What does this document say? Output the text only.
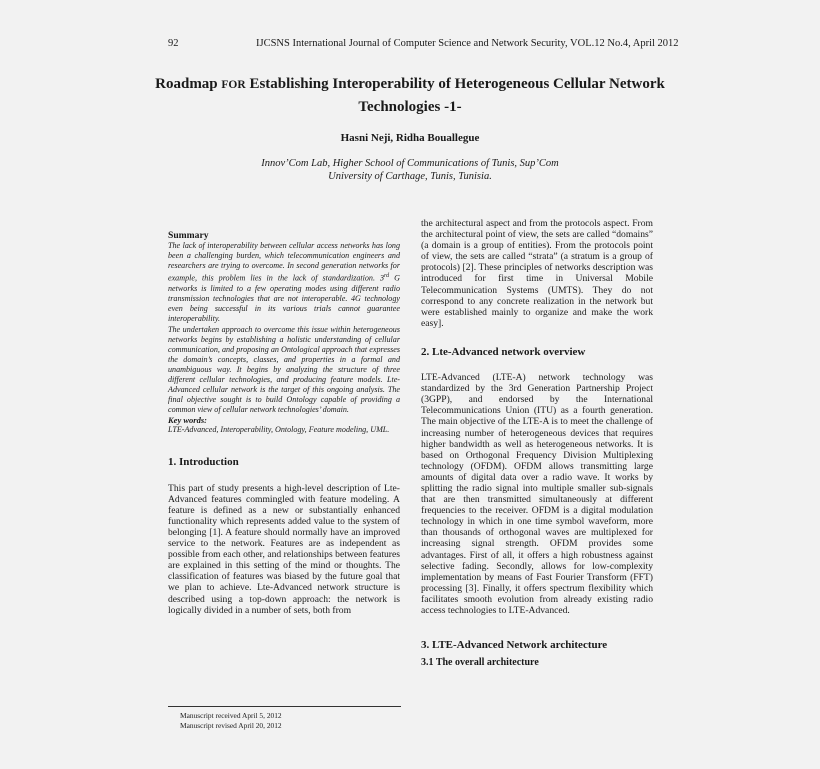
92	IJCSNS International Journal of Computer Science and Network Security, VOL.12 No.4, April 2012
Roadmap FOR Establishing Interoperability of Heterogeneous Cellular Network
Technologies -1-
Hasni Neji, Ridha Bouallegue
Innov’Com Lab, Higher School of Communications of Tunis, Sup’Com
University of Carthage, Tunis, Tunisia.
Summary
The lack of interoperability between cellular access networks has long been a challenging burden, which telecommunication engineers and researchers are trying to overcome. In second generation networks for example, this problem lies in the lack of standardization. 3rd G networks is limited to a few operating modes using different radio transmission technologies that are not interoperable. 4G technology even being successful in its various trials cannot guarantee interoperability.
The undertaken approach to overcome this issue within heterogeneous networks begins by establishing a holistic understanding of cellular communication, and proposing an Ontological approach that expresses the domain’s concepts, classes, and properties in a formal and unambiguous way. It begins by analyzing the structure of three different cellular technologies, and producing feature models. Lte-Advanced cellular network is the target of this ongoing analysis. The final objective sought is to build Ontology capable of providing a common view of cellular network technologies’ domain.
Key words:
LTE-Advanced, Interoperability, Ontology, Feature modeling, UML.
1. Introduction
This part of study presents a high-level description of Lte-Advanced features commingled with feature modeling. A feature is defined as a new or substantially enhanced functionality which represents added value to the system of belonging [1]. A feature should normally have an improved service to the network. Features are as independent as possible from each other, and relationships between features are explained in this setting of the mind or thoughts. The classification of features was biased by the future goal that we plan to achieve. Lte-Advanced network structure is described using a top-down approach: the network is logically divided in a number of sets, both from
the architectural aspect and from the protocols aspect. From the architectural point of view, the sets are called “domains” (a domain is a group of entities). From the protocols point of view, the sets are called “strata” (a stratum is a group of protocols) [2]. These principles of networks description was introduced for first time in Universal Mobile Telecommunication Systems (UMTS). They do not correspond to any concrete realization in the network but were established mainly to organize and make the work easy].
2. Lte-Advanced network overview
LTE-Advanced (LTE-A) network technology was standardized by the 3rd Generation Partnership Project (3GPP), and endorsed by the International Telecommunications Union (ITU) as a fourth generation. The main objective of the LTE-A is to meet the challenge of increasing number of heterogeneous devices that requires higher bandwidth as well as heterogeneous networks. It is based on Orthogonal Frequency Division Multiplexing technology (OFDM). OFDM allows transmitting large amounts of digital data over a radio wave. It works by splitting the radio signal into multiple smaller sub-signals that are then transmitted simultaneously at different frequencies to the receiver. OFDM is a digital modulation technology in which in one time symbol waveform, more than thousands of orthogonal waves are multiplexed for increasing signal strength. OFDM provides some advantages. First of all, it offers a high robustness against selective fading. Secondly, allows for low-complexity implementation by means of Fast Fourier Transform (FFT) processing [3]. Finally, it offers spectrum flexibility which facilitates smooth evolution from already existing radio access technologies to LTE-Advanced.
3. LTE-Advanced Network architecture
3.1 The overall architecture
Manuscript received April 5, 2012
Manuscript revised April 20, 2012
